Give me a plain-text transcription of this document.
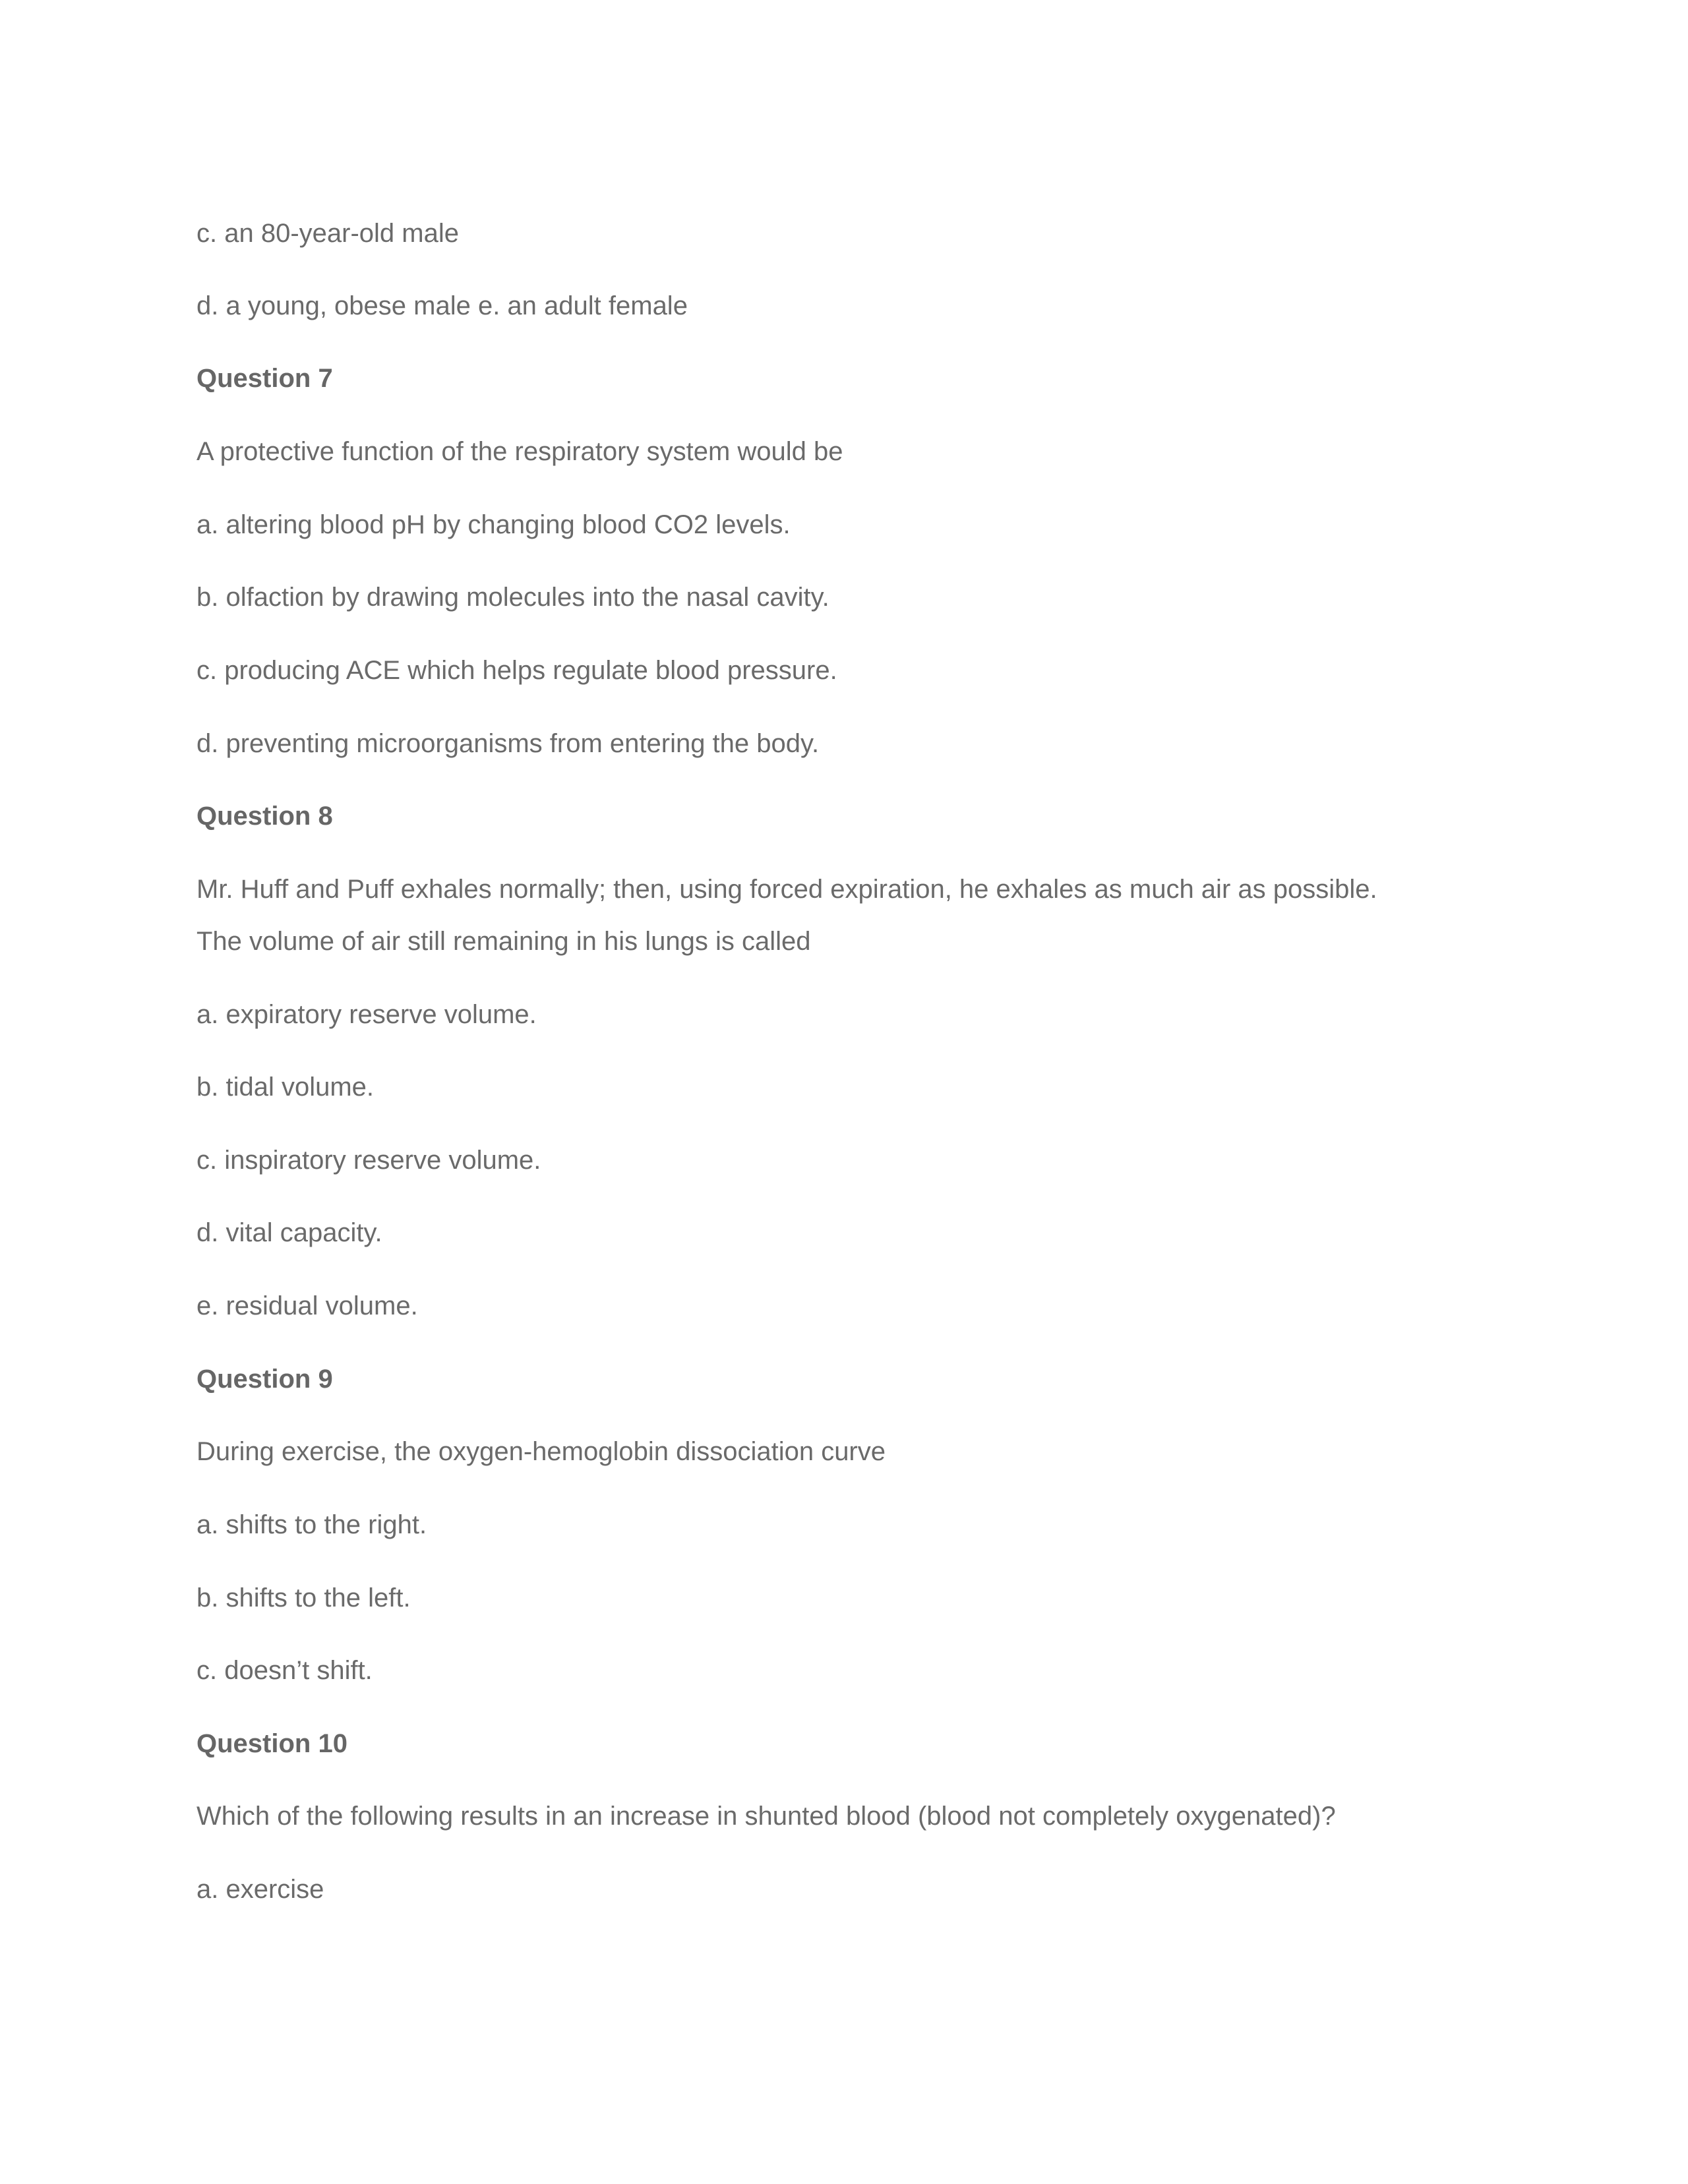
c. an 80-year-old male

d. a young, obese male e. an adult female

Question 7

A protective function of the respiratory system would be

a. altering blood pH by changing blood CO2 levels.

b. olfaction by drawing molecules into the nasal cavity.

c. producing ACE which helps regulate blood pressure.

d. preventing microorganisms from entering the body.

Question 8

Mr. Huff and Puff exhales normally; then, using forced expiration, he exhales as much air as possible.

The volume of air still remaining in his lungs is called

a. expiratory reserve volume.

b. tidal volume.

c. inspiratory reserve volume.

d. vital capacity.

e. residual volume.

Question 9

During exercise, the oxygen-hemoglobin dissociation curve

a. shifts to the right.

b. shifts to the left.

c. doesn’t shift.

Question 10

Which of the following results in an increase in shunted blood (blood not completely oxygenated)?

a. exercise
